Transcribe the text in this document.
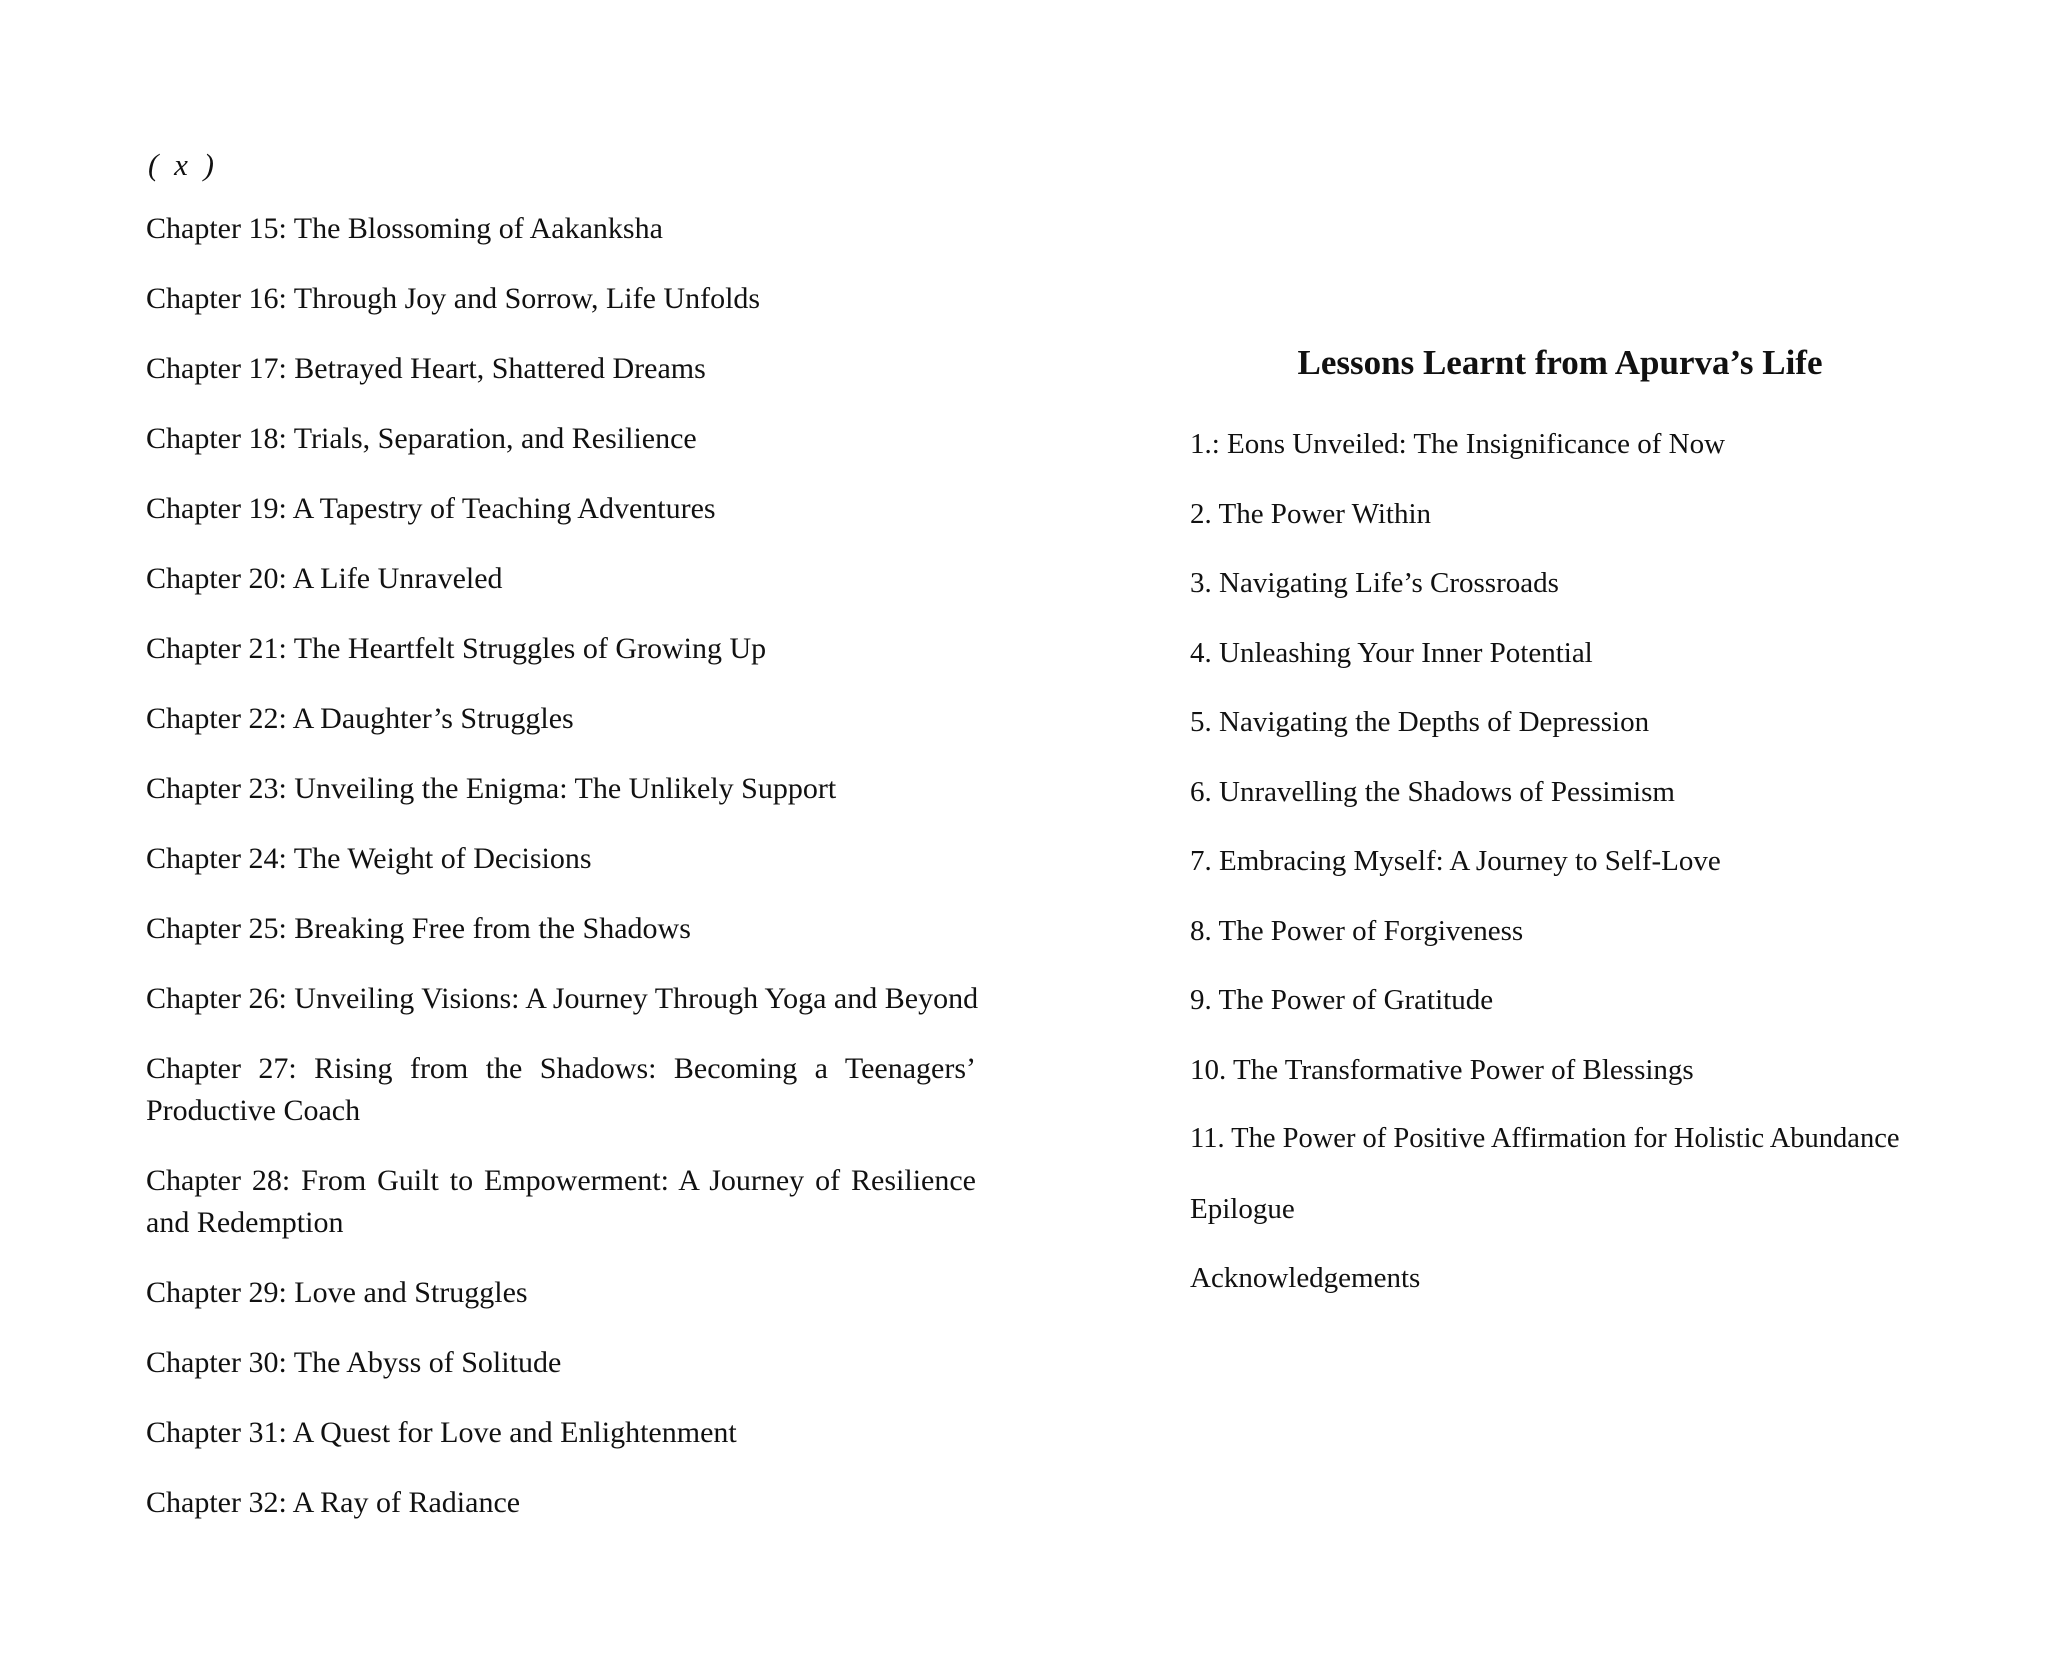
( x )
Chapter 15: The Blossoming of Aakanksha
Chapter 16: Through Joy and Sorrow, Life Unfolds
Chapter 17: Betrayed Heart, Shattered Dreams
Chapter 18: Trials, Separation, and Resilience
Chapter 19: A Tapestry of Teaching Adventures
Chapter 20: A Life Unraveled
Chapter 21: The Heartfelt Struggles of Growing Up
Chapter 22: A Daughter’s Struggles
Chapter 23: Unveiling the Enigma: The Unlikely Support
Chapter 24: The Weight of Decisions
Chapter 25: Breaking Free from the Shadows
Chapter 26: Unveiling Visions: A Journey Through Yoga and Beyond
Chapter 27: Rising from the Shadows: Becoming a Teenagers’ Productive Coach
Chapter 28: From Guilt to Empowerment: A Journey of Resilience and Redemption
Chapter 29: Love and Struggles
Chapter 30: The Abyss of Solitude
Chapter 31: A Quest for Love and Enlightenment
Chapter 32: A Ray of Radiance
Lessons Learnt from Apurva’s Life
1.: Eons Unveiled: The Insignificance of Now
2. The Power Within
3. Navigating Life’s Crossroads
4. Unleashing Your Inner Potential
5. Navigating the Depths of Depression
6. Unravelling the Shadows of Pessimism
7. Embracing Myself: A Journey to Self-Love
8. The Power of Forgiveness
9. The Power of Gratitude
10. The Transformative Power of Blessings
11. The Power of Positive Affirmation for Holistic Abundance
Epilogue
Acknowledgements
